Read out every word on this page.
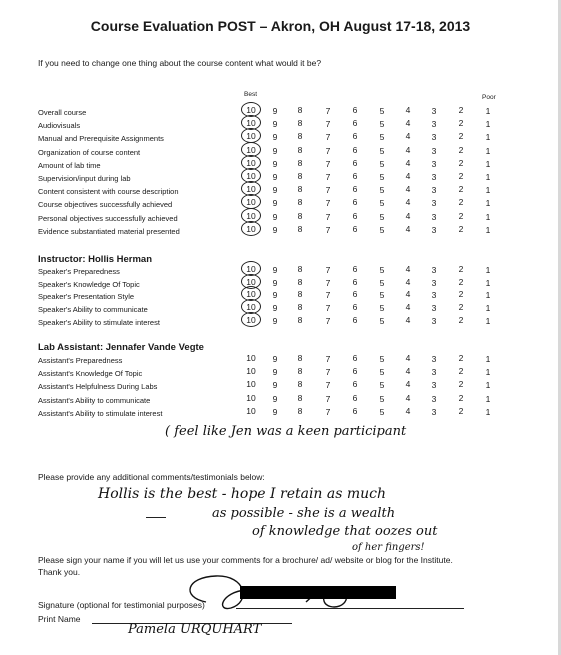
Course Evaluation POST – Akron, OH August 17-18, 2013
If you need to change one thing about the course content what would it be?
Best	Poor
Overall course	10	9	8	7	6	5	4	3	2	1
Audiovisuals	10	9	8	7	6	5	4	3	2	1
Manual and Prerequisite Assignments	10	9	8	7	6	5	4	3	2	1
Organization of course content	10	9	8	7	6	5	4	3	2	1
Amount of lab time	10	9	8	7	6	5	4	3	2	1
Supervision/input during lab	10	9	8	7	6	5	4	3	2	1
Content consistent with course description	10	9	8	7	6	5	4	3	2	1
Course objectives successfully achieved	10	9	8	7	6	5	4	3	2	1
Personal objectives successfully achieved	10	9	8	7	6	5	4	3	2	1
Evidence substantiated material presented	10	9	8	7	6	5	4	3	2	1
Instructor: Hollis Herman
Speaker's Preparedness	10	9	8	7	6	5	4	3	2	1
Speaker's Knowledge Of Topic	10	9	8	7	6	5	4	3	2	1
Speaker's Presentation Style	10	9	8	7	6	5	4	3	2	1
Speaker's Ability to communicate	10	9	8	7	6	5	4	3	2	1
Speaker's Ability to stimulate interest	10	9	8	7	6	5	4	3	2	1
Lab Assistant: Jennafer Vande Vegte
Assistant's Preparedness	10	9	8	7	6	5	4	3	2	1
Assistant's Knowledge Of Topic	10	9	8	7	6	5	4	3	2	1
Assistant's Helpfulness During Labs	10	9	8	7	6	5	4	3	2	1
Assistant's Ability to communicate	10	9	8	7	6	5	4	3	2	1
Assistant's Ability to stimulate interest	10	9	8	7	6	5	4	3	2	1
( feel like Jen was a keen participant
Please provide any additional comments/testimonials below:
Hollis is the best - hope I retain as much
as possible - she is a wealth
of knowledge that oozes out
of her fingers!
Please sign your name if you will let us use your comments for a brochure/ ad/ website or blog for the Institute.
Thank you.
Signature (optional for testimonial purposes)
Print Name
Pamela URQUHART
